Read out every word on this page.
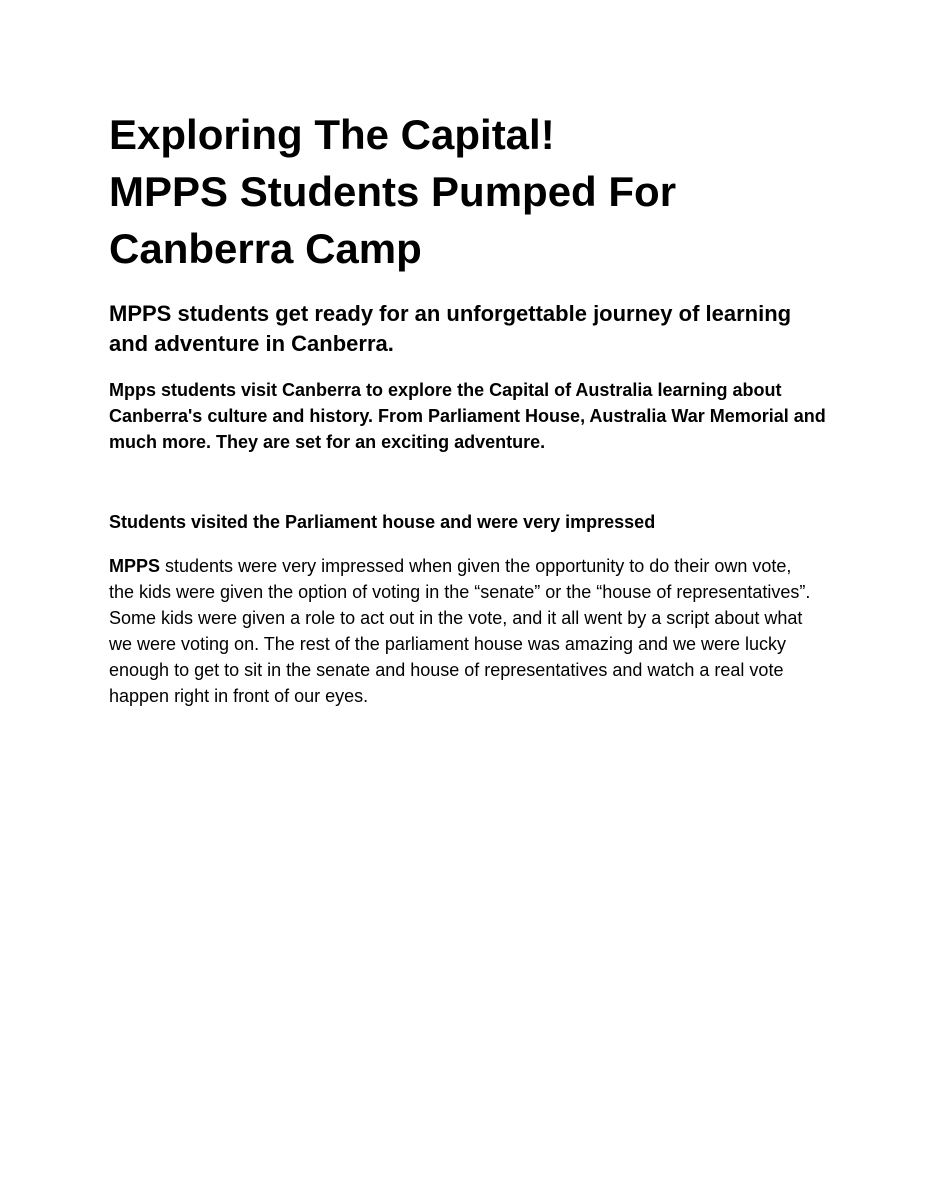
Exploring The Capital!
MPPS Students Pumped For
Canberra Camp
MPPS students get ready for an unforgettable journey of learning and adventure in Canberra.

Mpps students visit Canberra to explore the Capital of Australia learning about Canberra's culture and history. From Parliament House, Australia War Memorial and much more. They are set for an exciting adventure.

Students visited the Parliament house and were very impressed

MPPS students were very impressed when given the opportunity to do their own vote, the kids were given the option of voting in the “senate” or the “house of representatives”. Some kids were given a role to act out in the vote, and it all went by a script about what we were voting on. The rest of the parliament house was amazing and we were lucky enough to get to sit in the senate and house of representatives and watch a real vote happen right in front of our eyes.
